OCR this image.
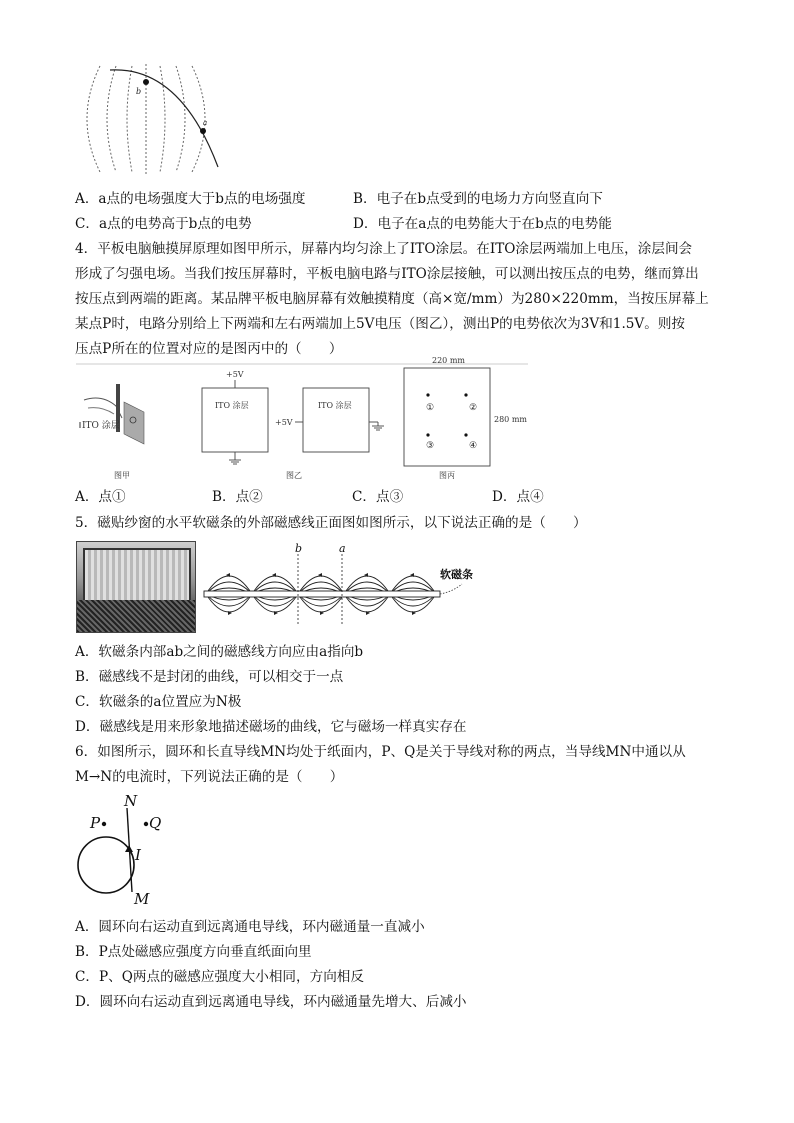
b
a
A．a点的电场强度大于b点的电场强度	B．电子在b点受到的电场力方向竖直向下
C．a点的电势高于b点的电势	D．电子在a点的电势能大于在b点的电势能
4．平板电脑触摸屏原理如图甲所示，屏幕内均匀涂上了ITO涂层。在ITO涂层两端加上电压，涂层间会
形成了匀强电场。当我们按压屏幕时，平板电脑电路与ITO涂层接触，可以测出按压点的电势，继而算出
按压点到两端的距离。某品牌平板电脑屏幕有效触摸精度（高×宽/mm）为280×220mm，当按压屏幕上
某点P时，电路分别给上下两端和左右两端加上5V电压（图乙），测出P的电势依次为3V和1.5V。则按
压点P所在的位置对应的是图丙中的（　　）
ITO 涂层
图甲
+5V
ITO 涂层
+5V
ITO 涂层
图乙
220 mm
280 mm
①	②
③	④
图丙
A．点①	B．点②	C．点③	D．点④
5．磁贴纱窗的水平软磁条的外部磁感线正面图如图所示，以下说法正确的是（　　）
b	a
软磁条
A．软磁条内部ab之间的磁感线方向应由a指向b
B．磁感线不是封闭的曲线，可以相交于一点
C．软磁条的a位置应为N极
D．磁感线是用来形象地描述磁场的曲线，它与磁场一样真实存在
6．如图所示，圆环和长直导线MN均处于纸面内，P、Q是关于导线对称的两点，当导线MN中通以从
M→N的电流时，下列说法正确的是（　　）
N
P	Q
I
M
A．圆环向右运动直到远离通电导线，环内磁通量一直减小
B．P点处磁感应强度方向垂直纸面向里
C．P、Q两点的磁感应强度大小相同，方向相反
D．圆环向右运动直到远离通电导线，环内磁通量先增大、后减小
